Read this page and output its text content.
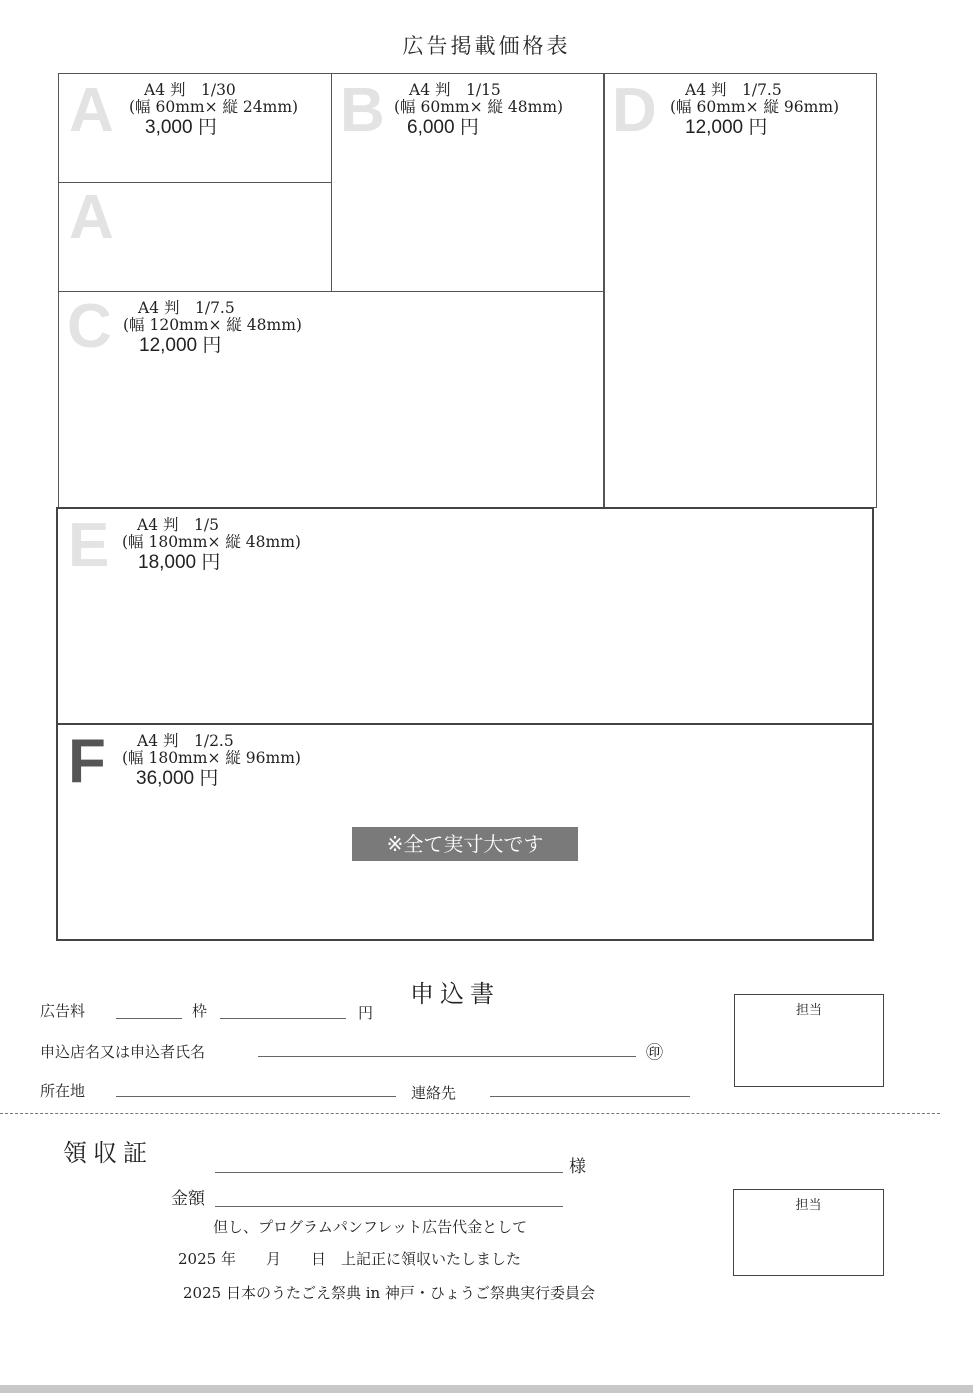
広告掲載価格表
A	A4 判　1/30
(幅 60mm× 縦 24mm)
3,000 円
A
B	A4 判　1/15
(幅 60mm× 縦 48mm)
6,000 円	D	A4 判　1/7.5
(幅 60mm× 縦 96mm)
12,000 円
C	A4 判　1/7.5
(幅 120mm× 縦 48mm)
12,000 円
E	A4 判　1/5
(幅 180mm× 縦 48mm)
18,000 円
F	A4 判　1/2.5
(幅 180mm× 縦 96mm)
36,000 円
※全て実寸大です
申込書
広告料	枠	円
申込店名又は申込者氏名	㊞
所在地	連絡先
担当
領収証	様
金額
但し、プログラムパンフレット広告代金として
2025 年　　月　　日　上記正に領収いたしました
2025 日本のうたごえ祭典 in 神戸・ひょうご祭典実行委員会
担当
